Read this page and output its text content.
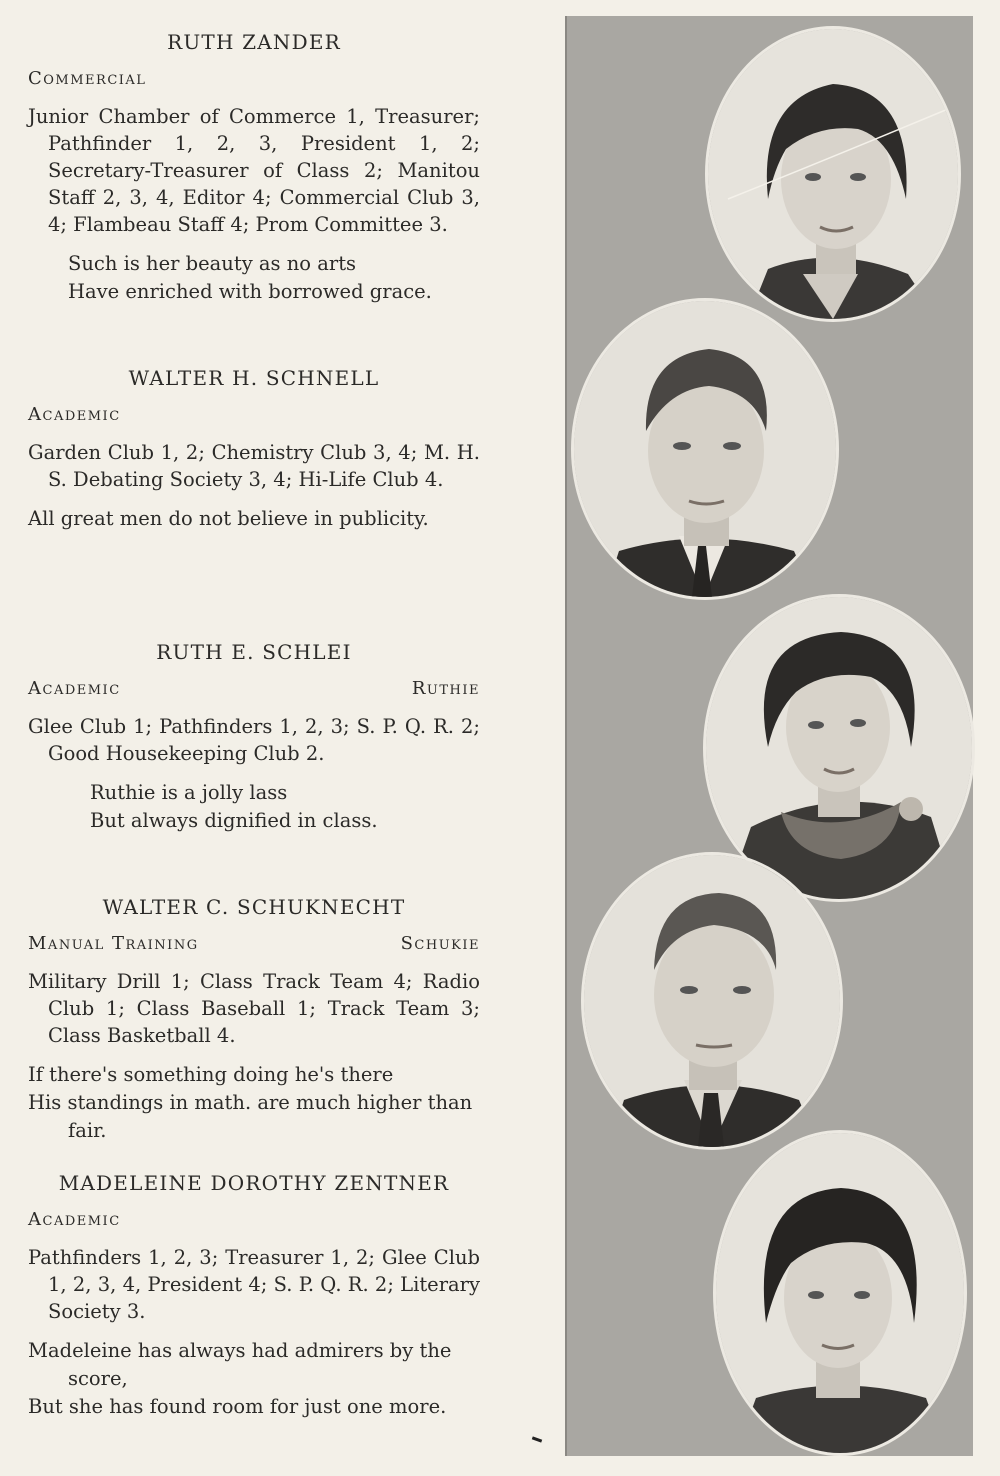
RUTH ZANDER
Commercial

Junior Chamber of Commerce 1, Treasurer; Pathfinder 1, 2, 3, President 1, 2; Secretary-Treasurer of Class 2; Manitou Staff 2, 3, 4, Editor 4; Commercial Club 3, 4; Flambeau Staff 4; Prom Committee 3.

Such is her beauty as no arts
Have enriched with borrowed grace.
WALTER H. SCHNELL
Academic

Garden Club 1, 2; Chemistry Club 3, 4; M. H. S. Debating Society 3, 4; Hi-Life Club 4.

All great men do not believe in publicity.
RUTH E. SCHLEI
Academic	Ruthie

Glee Club 1; Pathfinders 1, 2, 3; S. P. Q. R. 2; Good Housekeeping Club 2.

Ruthie is a jolly lass
But always dignified in class.
WALTER C. SCHUKNECHT
Manual Training	Schukie

Military Drill 1; Class Track Team 4; Radio Club 1; Class Baseball 1; Track Team 3; Class Basketball 4.

If there's something doing he's there
His standings in math. are much higher than fair.
MADELEINE DOROTHY ZENTNER
Academic

Pathfinders 1, 2, 3; Treasurer 1, 2; Glee Club 1, 2, 3, 4, President 4; S. P. Q. R. 2; Literary Society 3.

Madeleine has always had admirers by the score,
But she has found room for just one more.
